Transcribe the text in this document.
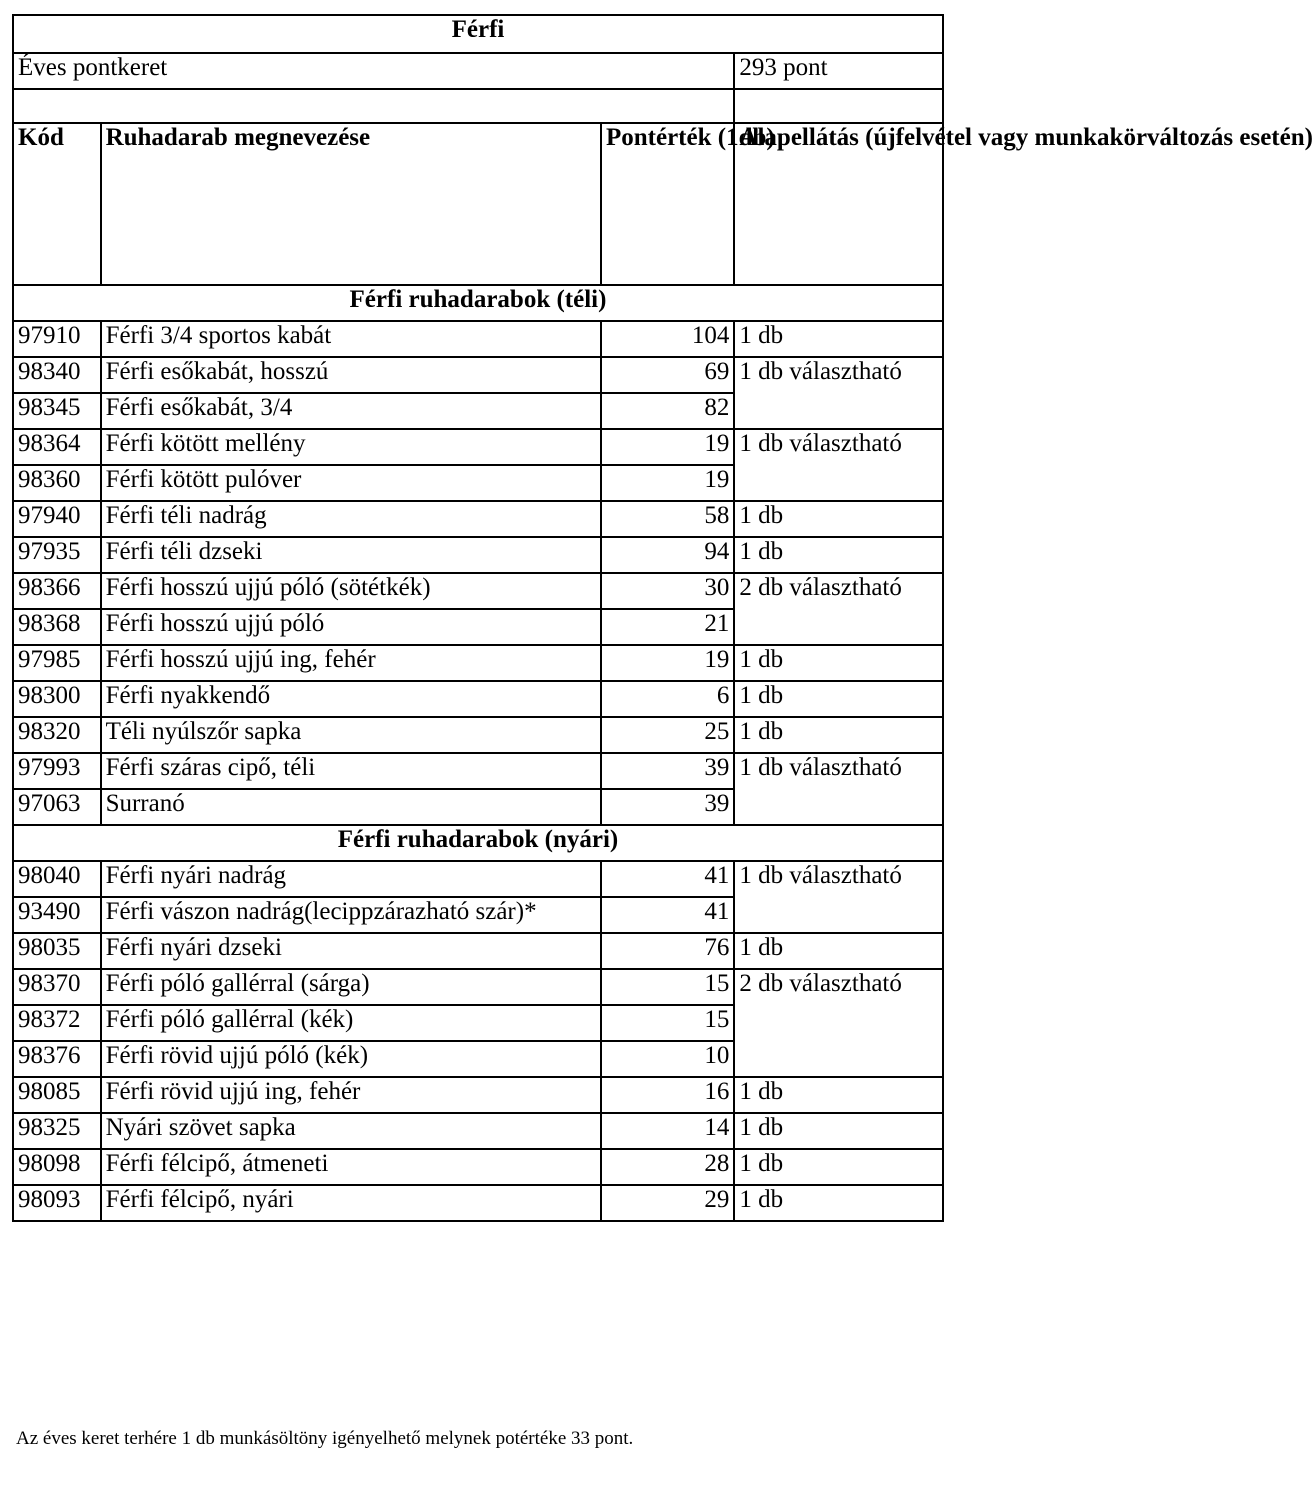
Férfi			
Éves pontkeret			293 pont

Kód	Ruhadarab megnevezése	Pontérték (1db)	Alapellátás (újfelvétel vagy munkakörváltozás esetén)
Férfi ruhadarabok (téli)			
97910	Férfi 3/4 sportos kabát	104	1 db
98340	Férfi esőkabát, hosszú	69	1 db választható
98345	Férfi esőkabát, 3/4	82	
98364	Férfi kötött mellény	19	1 db választható
98360	Férfi kötött pulóver	19	
97940	Férfi téli nadrág	58	1 db
97935	Férfi téli dzseki	94	1 db
98366	Férfi hosszú ujjú póló (sötétkék)	30	2 db választható
98368	Férfi hosszú ujjú póló	21	
97985	Férfi hosszú ujjú ing, fehér	19	1 db
98300	Férfi nyakkendő	6	1 db
98320	Téli nyúlszőr sapka	25	1 db
97993	Férfi száras cipő, téli	39	1 db választható
97063	Surranó	39	
Férfi ruhadarabok (nyári)			
98040	Férfi nyári nadrág	41	1 db választható
93490	Férfi vászon nadrág(lecippzárazható szár)*	41	
98035	Férfi nyári dzseki	76	1 db
98370	Férfi póló gallérral (sárga)	15	2 db választható
98372	Férfi póló gallérral (kék)	15	
98376	Férfi rövid ujjú póló (kék)	10	
98085	Férfi rövid ujjú ing, fehér	16	1 db
98325	Nyári szövet sapka	14	1 db
98098	Férfi félcipő, átmeneti	28	1 db
98093	Férfi félcipő, nyári	29	1 db
Az éves keret terhére 1 db munkásöltöny igényelhető melynek potértéke 33 pont.
